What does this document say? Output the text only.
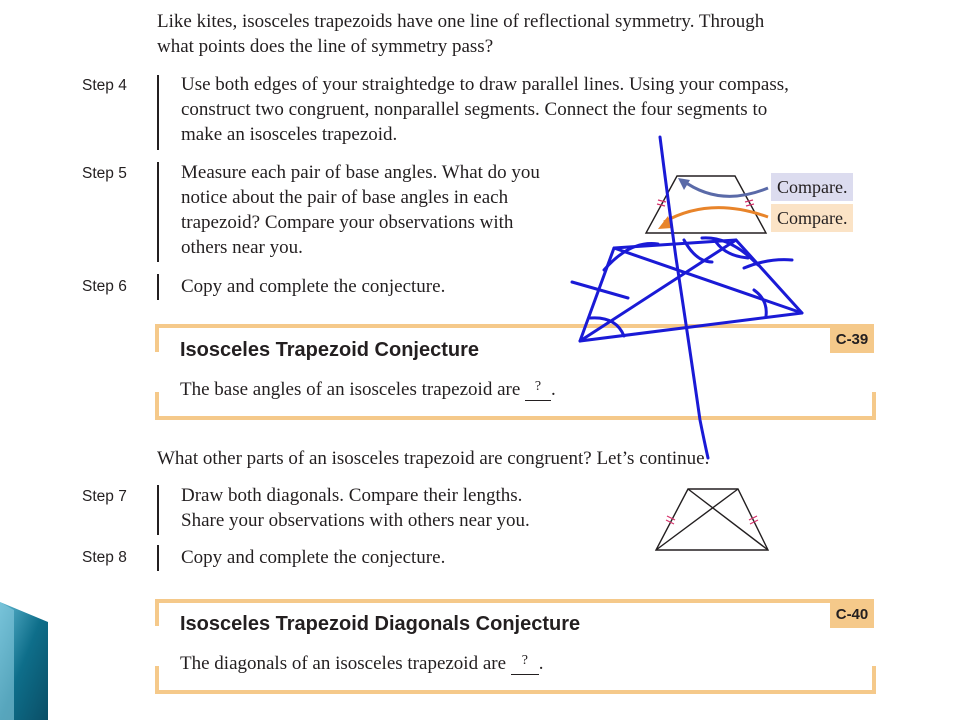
Like kites, isosceles trapezoids have one line of reflectional symmetry. Through
what points does the line of symmetry pass?
Step 4	Use both edges of your straightedge to draw parallel lines. Using your compass,
construct two congruent, nonparallel segments. Connect the four segments to
make an isosceles trapezoid.
Step 5	Measure each pair of base angles. What do you
notice about the pair of base angles in each
trapezoid? Compare your observations with
others near you.
Step 6	Copy and complete the conjecture.
Compare.
Compare.
C-39
Isosceles Trapezoid Conjecture
The base angles of an isosceles trapezoid are ? .
What other parts of an isosceles trapezoid are congruent? Let’s continue.
Step 7	Draw both diagonals. Compare their lengths.
Share your observations with others near you.
Step 8	Copy and complete the conjecture.
C-40
Isosceles Trapezoid Diagonals Conjecture
The diagonals of an isosceles trapezoid are ? .
